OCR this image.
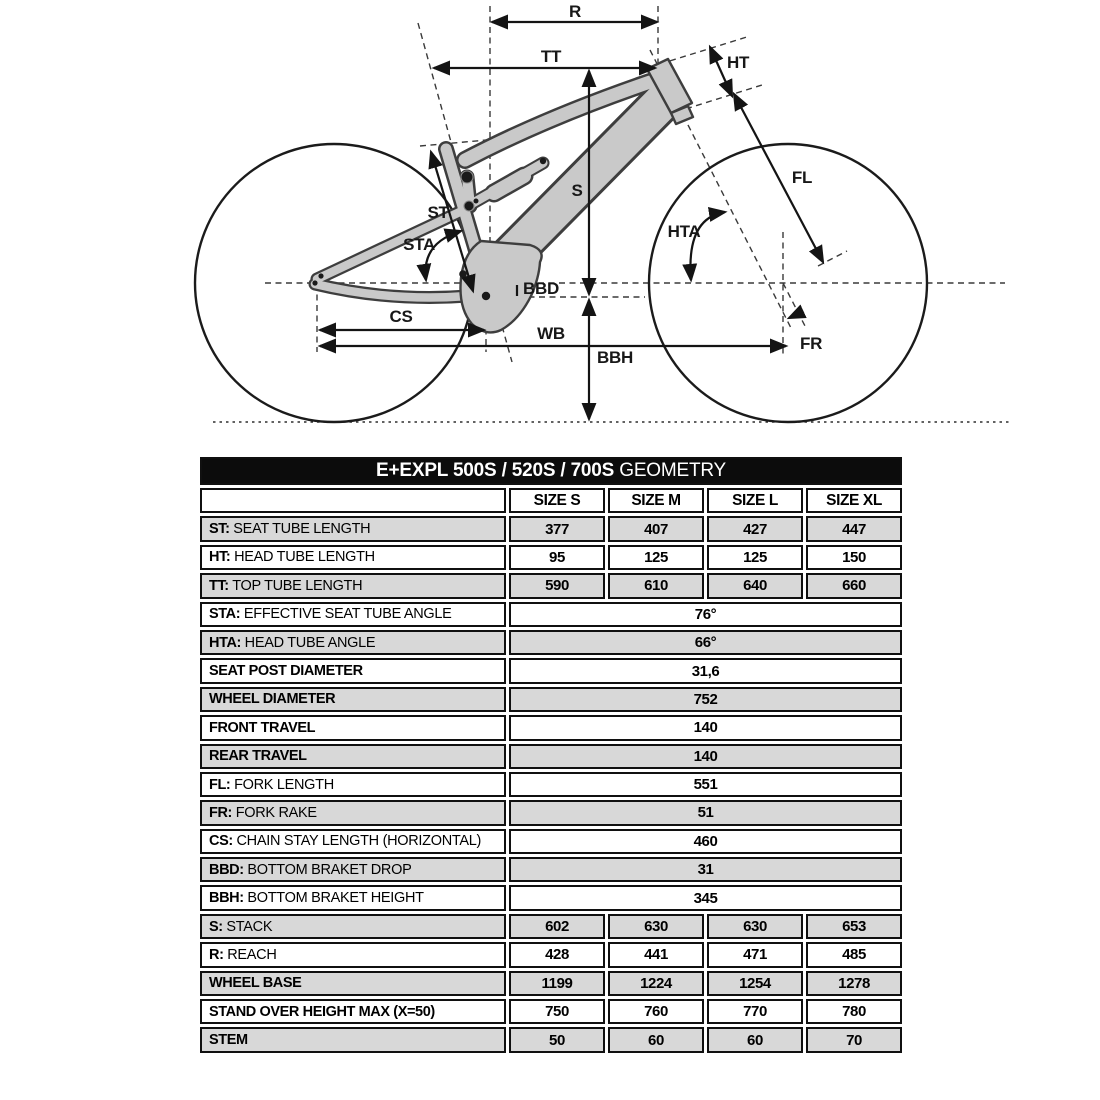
R
TT	HT
FL
S
ST
STA
HTA
BBD
CS
WB
BBH
FR
E+EXPL 500S / 520S / 700S GEOMETRY				
	SIZE S	SIZE M	SIZE L	SIZE XL
ST: SEAT TUBE LENGTH	377	407	427	447
HT: HEAD TUBE LENGTH	95	125	125	150
TT: TOP TUBE LENGTH	590	610	640	660
STA: EFFECTIVE SEAT TUBE ANGLE	76°			
HTA: HEAD TUBE ANGLE	66°			
SEAT POST DIAMETER	31,6			
WHEEL DIAMETER	752			
FRONT TRAVEL	140			
REAR TRAVEL	140			
FL: FORK LENGTH	551			
FR: FORK RAKE	51			
CS: CHAIN STAY LENGTH (HORIZONTAL)	460			
BBD: BOTTOM BRAKET DROP	31			
BBH: BOTTOM BRAKET HEIGHT	345			
S: STACK	602	630	630	653
R: REACH	428	441	471	485
WHEEL BASE	1199	1224	1254	1278
STAND OVER HEIGHT MAX (X=50)	750	760	770	780
STEM	50	60	60	70
